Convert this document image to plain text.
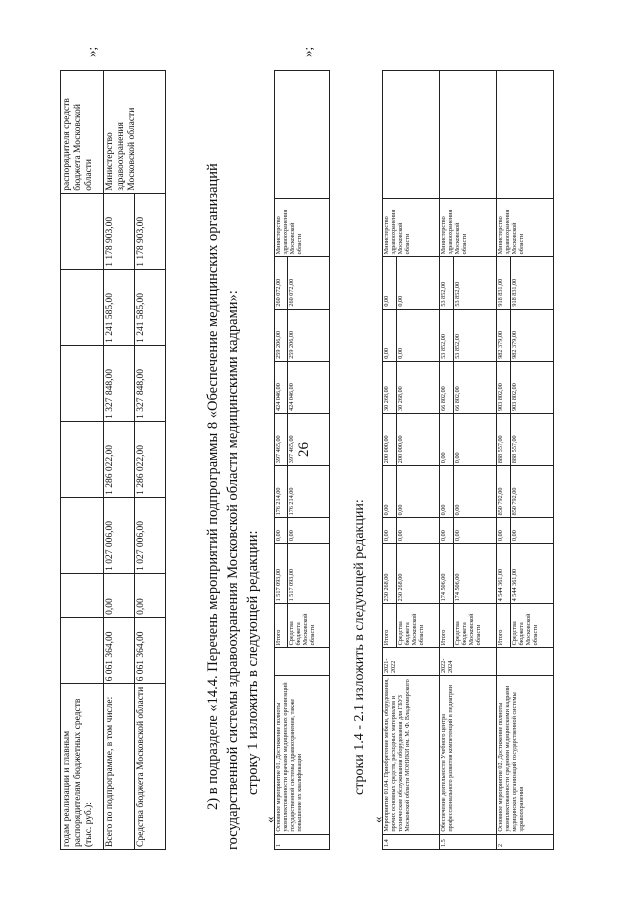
26
годам реализации и главным распорядителям бюджетных средств (тыс. руб.):								распорядителя средств бюджета Московской области
Всего по подпрограмме, в том числе:	6 061 364,00	0,00	1 027 006,00	1 286 022,00	1 327 848,00	1 241 585,00	1 178 903,00	Министерство здравоохранения Московской области
Средства бюджета Московской области	6 061 364,00	0,00	1 027 006,00	1 286 022,00	1 327 848,00	1 241 585,00	1 178 903,00	
»;
2) в подразделе «14.4. Перечень мероприятий подпрограммы 8 «Обеспечение медицинских организаций государственной системы здравоохранения Московской области медицинскими кадрами»: строку 1 изложить в следующей редакции:
«
1	Основное мероприятие 01. Достижение полноты укомплектованности врачами медицинских организаций государственной системы здравоохранения, также повышение их квалификации		Итого	1 517 093,00	0,00	176 214,00	397 465,00	424 046,00	259 206,00	260 072,00	Министерство здравоохранения Московской области	
			Средства бюджета Московской области	1 517 093,00	0,00	176 214,00	397 465,00	424 046,00	259 206,00	260 072,00		
»;
строки 1.4 - 2.1 изложить в следующей редакции:
«
1.4	Мероприятие 01.04. Приобретение мебели, оборудования, прочих основных средств, расходных материалов и технические обслуживания оборудования для ГБУЗ Московской области МОНИКИ им. М. Ф. Владимирского	2021-2022	Итого	230 268,00	0,00	0,00	200 000,00	30 268,00	0,00	0,00	Министерство здравоохранения Московской области	
			Средства бюджета Московской области	230 268,00	0,00	0,00	200 000,00	30 268,00	0,00	0,00		
1.5	Обеспечение деятельности Учебного центра профессионального развития компетенций в педиатрии	2022-2024	Итого	174 506,00	0,00	0,00	0,00	66 802,00	53 852,00	53 852,00	Министерство здравоохранения Московской области	
			Средства бюджета Московской области	174 506,00	0,00	0,00	0,00	66 802,00	53 852,00	53 852,00		
2	Основное мероприятие 02. Достижение полноты укомплектованности средними медицинскими кадрами медицинских организаций государственной системы здравоохранения		Итого	4 544 361,00	0,00	850 792,00	888 557,00	903 802,00	982 379,00	918 831,00	Министерство здравоохранения Московской области	
			Средства бюджета Московской области	4 544 361,00	0,00	850 792,00	888 557,00	903 802,00	982 379,00	918 831,00		
